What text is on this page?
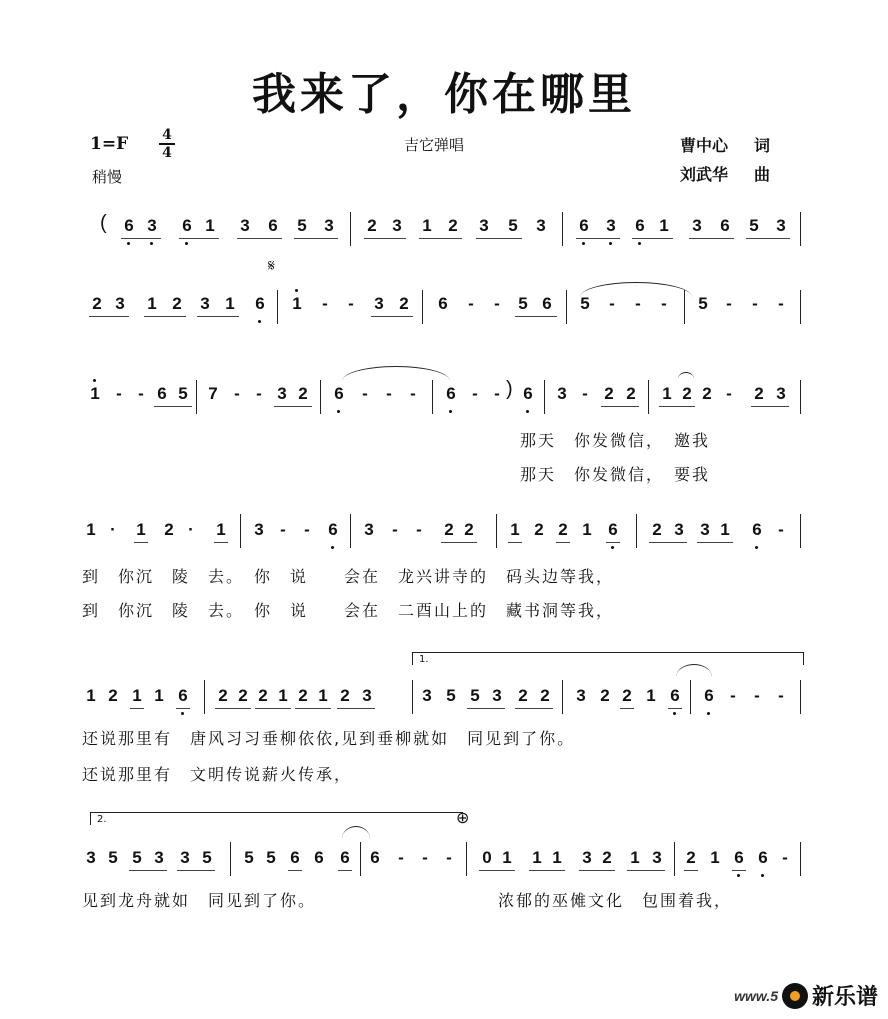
我来了，你在哪里
1=F 4
4
稍慢
吉它弹唱	曹中心 词
刘武华 曲
( 6 3 6 1 3 6 5 3 2 3 1 2 3 5 3 6 3 6 1 3 6 5 3
𝄋
2 3 1 2 3 1 6 1 - - 3 2 6 - - 5 6 5 - - - 5 - - -
1 - - 6 5 7 - - 3 2 6 - - - 6 - - ) 6 3 - 2 2 1 2 2 - 2 3
那天　你发微信，　邀我
那天　你发微信，　要我
1 · 1 2 · 1 3 - - 6 3 - - 2 2 1 2 2 1 6 2 3 3 1 6 -
到　你沉　陵　去。　你　说　　会在　龙兴讲寺的　码头边等我，
到　你沉　陵　去。　你　说　　会在　二酉山上的　藏书洞等我，
1.
1 2 1 1 6 2 2 2 1 2 1 2 3	3 5 5 3 2 2 3 2 2 1 6 6 - - -
还说那里有　唐风习习垂柳依依,见到垂柳就如　同见到了你。
还说那里有　文明传说薪火传承，
2.	⊕
3 5 5 3 3 5 5 5 6 6 6 6 - - - 0 1 1 1 3 2 1 3 2 1 6 6 -
见到龙舟就如　同见到了你。	浓郁的巫傩文化　包围着我，
www.5 新乐谱
